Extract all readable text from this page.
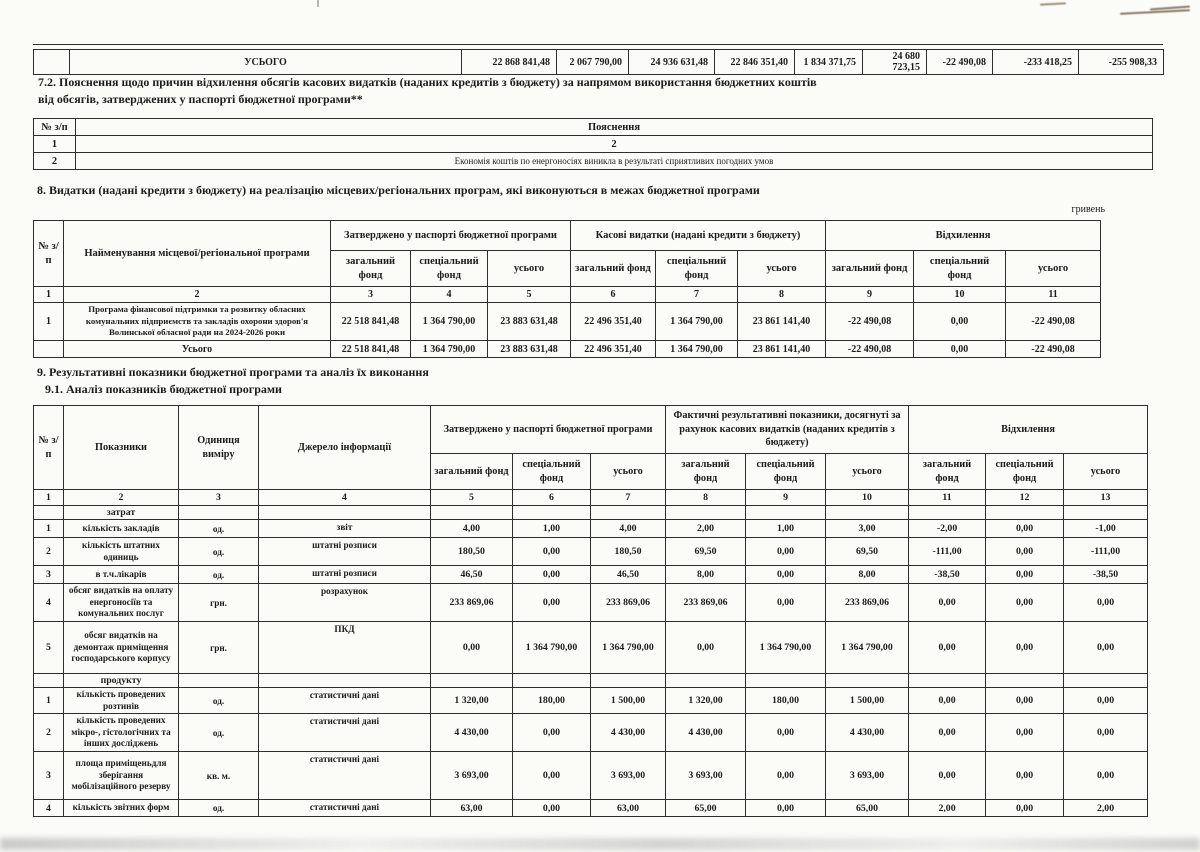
	УСЬОГО	22 868 841,48	2 067 790,00	24 936 631,48	22 846 351,40	1 834 371,75	24 680 723,15	-22 490,08	-233 418,25	-255 908,33
7.2. Пояснення щодо причин відхилення обсягів касових видатків (наданих кредитів з бюджету) за напрямом використання бюджетних коштів
від обсягів, затверджених у паспорті бюджетної програми**
№ з/п	Пояснення
1	2
2	Економія коштів по енергоносіях виникла в результаті сприятливих погодних умов
8. Видатки (надані кредити з бюджету) на реалізацію місцевих/регіональних програм, які виконуються в межах бюджетної програми
гривень
№ з/п	Найменування місцевої/регіональної програми	Затверджено у паспорті бюджетної програми			Касові видатки (надані кредити з бюджету)			Відхилення		
		загальний фонд	спеціальний фонд	усього	загальний фонд	спеціальний фонд	усього	загальний фонд	спеціальний фонд	усього
1	2	3	4	5	6	7	8	9	10	11
1	Програма фінансової підтримки та розвитку обласних комунальних підприємств та закладів охорони здоров'я Волинської обласної ради на 2024-2026 роки	22 518 841,48	1 364 790,00	23 883 631,48	22 496 351,40	1 364 790,00	23 861 141,40	-22 490,08	0,00	-22 490,08
	Усього	22 518 841,48	1 364 790,00	23 883 631,48	22 496 351,40	1 364 790,00	23 861 141,40	-22 490,08	0,00	-22 490,08
9. Результативні показники бюджетної програми та аналіз їх виконання
9.1. Аналіз показників бюджетної програми
№ з/п	Показники	Одиниця виміру	Джерело інформації	Затверджено у паспорті бюджетної програми			Фактичні результативні показники, досягнуті за рахунок касових видатків (наданих кредитів з бюджету)			Відхилення		
				загальний фонд	спеціальний фонд	усього	загальний фонд	спеціальний фонд	усього	загальний фонд	спеціальний фонд	усього
1	2	3	4	5	6	7	8	9	10	11	12	13
	затрат											
1	кількість закладів	од.	звіт	4,00	1,00	4,00	2,00	1,00	3,00	-2,00	0,00	-1,00
2	кількість штатних одиниць	од.	штатні розписи	180,50	0,00	180,50	69,50	0,00	69,50	-111,00	0,00	-111,00
3	в т.ч.лікарів	од.	штатні розписи	46,50	0,00	46,50	8,00	0,00	8,00	-38,50	0,00	-38,50
4	обсяг видатків на оплату енергоносіїв та комунальних послуг	грн.	розрахунок	233 869,06	0,00	233 869,06	233 869,06	0,00	233 869,06	0,00	0,00	0,00
5	обсяг видатків на демонтаж приміщення господарського корпусу	грн.	ПКД	0,00	1 364 790,00	1 364 790,00	0,00	1 364 790,00	1 364 790,00	0,00	0,00	0,00
	продукту											
1	кількість проведених розтинів	од.	статистичні дані	1 320,00	180,00	1 500,00	1 320,00	180,00	1 500,00	0,00	0,00	0,00
2	кількість проведених мікро-, гістологічних та інших досліджень	од.	статистичні дані	4 430,00	0,00	4 430,00	4 430,00	0,00	4 430,00	0,00	0,00	0,00
3	площа приміщеньдля зберігання мобілізаційного резерву	кв. м.	статистичні дані	3 693,00	0,00	3 693,00	3 693,00	0,00	3 693,00	0,00	0,00	0,00
4	кількість звітних форм	од.	статистичні дані	63,00	0,00	63,00	65,00	0,00	65,00	2,00	0,00	2,00
